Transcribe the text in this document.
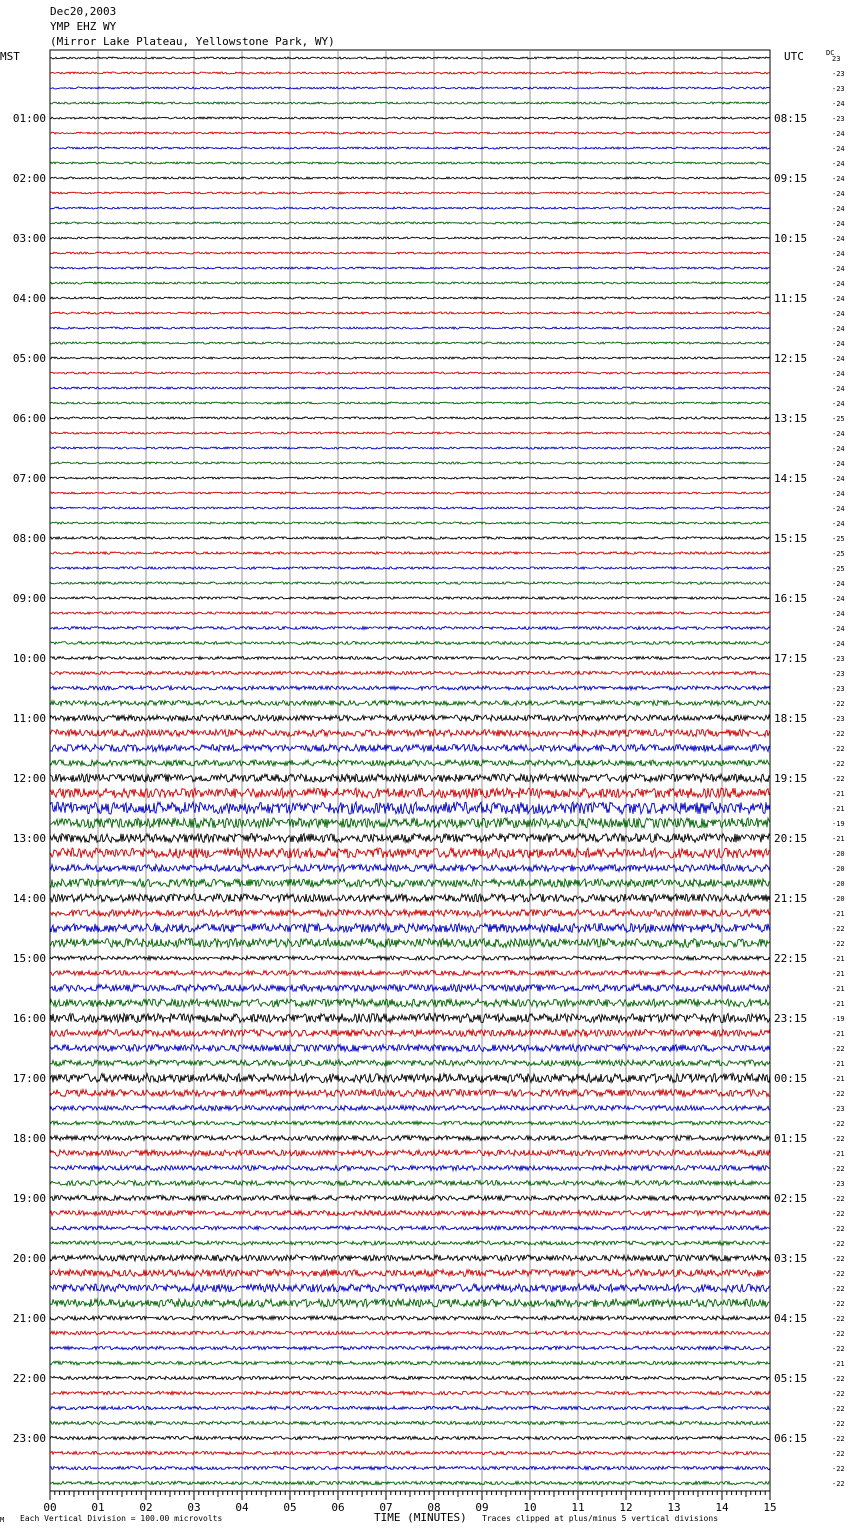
Dec20,2003
YMP EHZ WY
(Mirror Lake Plateau, Yellowstone Park, WY)
01:00
02:00
03:00
04:00
05:00
06:00
07:00
08:00
09:00
10:00
11:00
12:00
13:00
14:00
15:00
16:00
17:00
18:00
19:00
20:00
21:00
22:00
23:00
08:15
09:15
10:15
11:15
12:15
13:15
14:15
15:15
16:15
17:15
18:15
19:15
20:15
21:15
22:15
23:15
00:15
01:15
02:15
03:15
04:15
05:15
06:15
23
-23
-23
-24
-23
-24
-24
-24
-24
-24
-24
-24
-24
-24
-24
-24
-24
-24
-24
-24
-24
-24
-24
-24
-25
-24
-24
-24
-24
-24
-24
-24
-25
-25
-25
-24
-24
-24
-24
-24
-23
-23
-23
-22
-23
-22
-22
-22
-22
-21
-21
-19
-21
-20
-20
-20
-20
-21
-22
-22
-21
-21
-21
-21
-19
-21
-22
-21
-21
-22
-23
-22
-22
-21
-22
-23
-22
-22
-22
-22
-22
-22
-22
-22
-22
-22
-22
-21
-22
-22
-22
-22
-22
-22
-22
-22
00	01	02	03	04	05	06	07	08	09	10	11	12	13	14	15
M Each Vertical Division = 100.00 microvolts	TIME (MINUTES) Traces clipped at plus/minus 5 vertical divisions
MST	UTC	DC
